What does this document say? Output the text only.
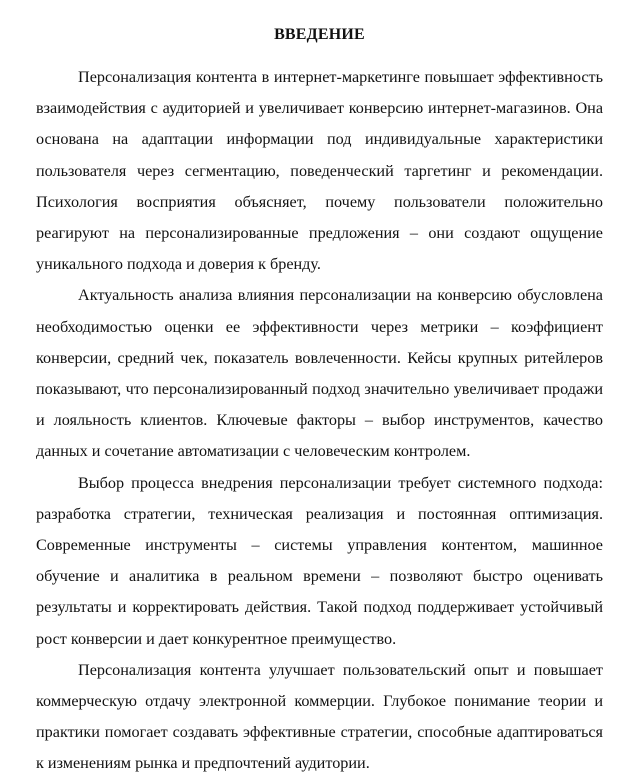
ВВЕДЕНИЕ

Персонализация контента в интернет-маркетинге повышает эффективность взаимодействия с аудиторией и увеличивает конверсию интернет-магазинов. Она основана на адаптации информации под индивидуальные характеристики пользователя через сегментацию, поведенческий таргетинг и рекомендации. Психология восприятия объясняет, почему пользователи положительно реагируют на персонализированные предложения – они создают ощущение уникального подхода и доверия к бренду.

Актуальность анализа влияния персонализации на конверсию обусловлена необходимостью оценки ее эффективности через метрики – коэффициент конверсии, средний чек, показатель вовлеченности. Кейсы крупных ритейлеров показывают, что персонализированный подход значительно увеличивает продажи и лояльность клиентов. Ключевые факторы – выбор инструментов, качество данных и сочетание автоматизации с человеческим контролем.

Выбор процесса внедрения персонализации требует системного подхода: разработка стратегии, техническая реализация и постоянная оптимизация. Современные инструменты – системы управления контентом, машинное обучение и аналитика в реальном времени – позволяют быстро оценивать результаты и корректировать действия. Такой подход поддерживает устойчивый рост конверсии и дает конкурентное преимущество.

Персонализация контента улучшает пользовательский опыт и повышает коммерческую отдачу электронной коммерции. Глубокое понимание теории и практики помогает создавать эффективные стратегии, способные адаптироваться к изменениям рынка и предпочтений аудитории.
